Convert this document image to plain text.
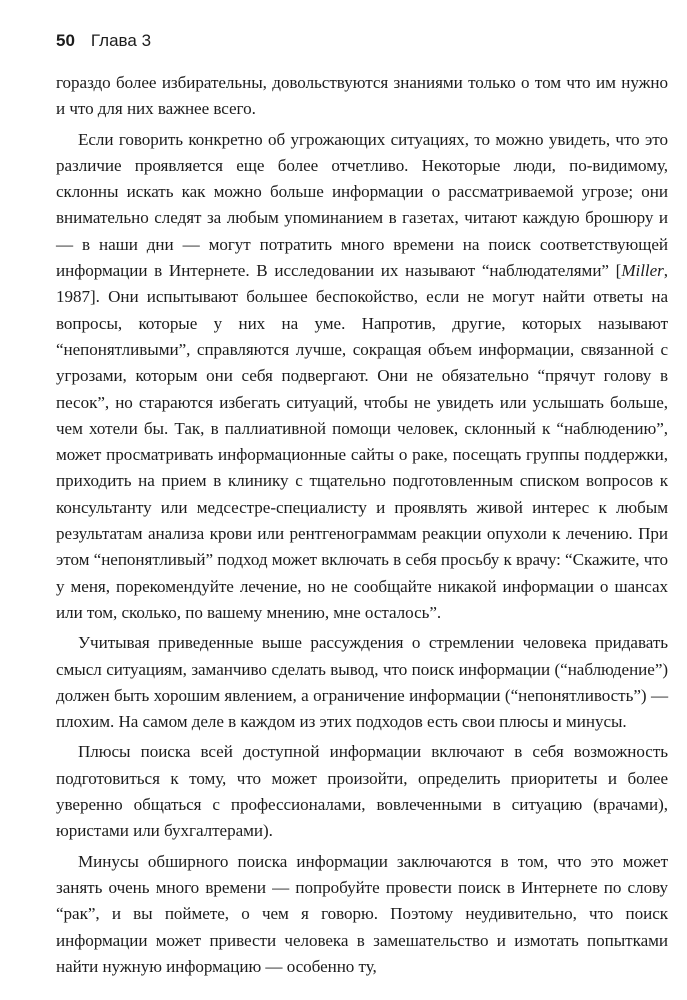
50 Глава 3

гораздо более избирательны, довольствуются знаниями только о том что им нужно и что для них важнее всего.

Если говорить конкретно об угрожающих ситуациях, то можно увидеть, что это различие проявляется еще более отчетливо. Некоторые люди, по-видимому, склонны искать как можно больше информации о рассматриваемой угрозе; они внимательно следят за любым упоминанием в газетах, читают каждую брошюру и — в наши дни — могут потратить много времени на поиск соответствующей информации в Интернете. В исследовании их называют “наблюдателями” [Miller, 1987]. Они испытывают большее беспокойство, если не могут найти ответы на вопросы, которые у них на уме. Напротив, другие, которых называют “непонятливыми”, справляются лучше, сокращая объем информации, связанной с угрозами, которым они себя подвергают. Они не обязательно “прячут голову в песок”, но стараются избегать ситуаций, чтобы не увидеть или услышать больше, чем хотели бы. Так, в паллиативной помощи человек, склонный к “наблюдению”, может просматривать информационные сайты о раке, посещать группы поддержки, приходить на прием в клинику с тщательно подготовленным списком вопросов к консультанту или медсестре-специалисту и проявлять живой интерес к любым результатам анализа крови или рентгенограммам реакции опухоли к лечению. При этом “непонятливый” подход может включать в себя просьбу к врачу: “Скажите, что у меня, порекомендуйте лечение, но не сообщайте никакой информации о шансах или том, сколько, по вашему мнению, мне осталось”.

Учитывая приведенные выше рассуждения о стремлении человека придавать смысл ситуациям, заманчиво сделать вывод, что поиск информации (“наблюдение”) должен быть хорошим явлением, а ограничение информации (“непонятливость”) — плохим. На самом деле в каждом из этих подходов есть свои плюсы и минусы.

Плюсы поиска всей доступной информации включают в себя возможность подготовиться к тому, что может произойти, определить приоритеты и более уверенно общаться с профессионалами, вовлеченными в ситуацию (врачами), юристами или бухгалтерами).

Минусы обширного поиска информации заключаются в том, что это может занять очень много времени — попробуйте провести поиск в Интернете по слову “рак”, и вы поймете, о чем я говорю. Поэтому неудивительно, что поиск информации может привести человека в замешательство и измотать попытками найти нужную информацию — особенно ту,
